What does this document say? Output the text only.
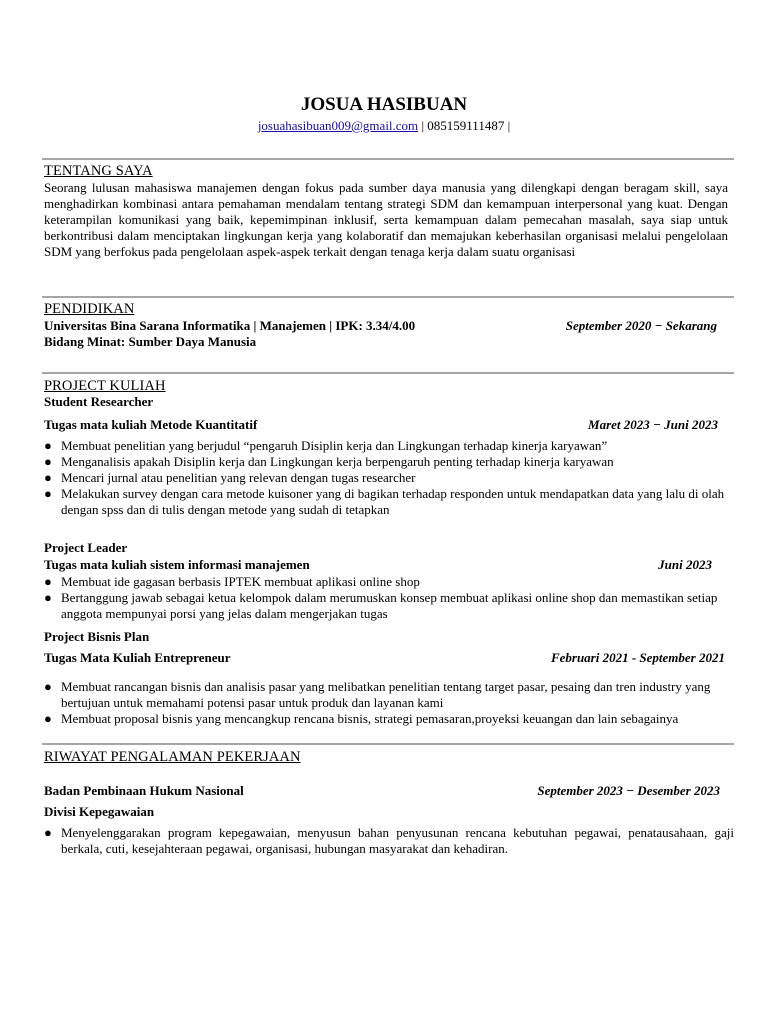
JOSUA HASIBUAN
josuahasibuan009@gmail.com | 085159111487 |
TENTANG SAYA
Seorang lulusan mahasiswa manajemen dengan fokus pada sumber daya manusia yang dilengkapi dengan beragam skill, saya menghadirkan kombinasi antara pemahaman mendalam tentang strategi SDM dan kemampuan interpersonal yang kuat. Dengan keterampilan komunikasi yang baik, kepemimpinan inklusif, serta kemampuan dalam pemecahan masalah, saya siap untuk berkontribusi dalam menciptakan lingkungan kerja yang kolaboratif dan memajukan keberhasilan organisasi melalui pengelolaan SDM yang berfokus pada pengelolaan aspek-aspek terkait dengan tenaga kerja dalam suatu organisasi
PENDIDIKAN
Universitas Bina Sarana Informatika | Manajemen | IPK: 3.34/4.00	September 2020 − Sekarang
Bidang Minat: Sumber Daya Manusia
PROJECT KULIAH
Student Researcher
Tugas mata kuliah Metode Kuantitatif	Maret 2023 − Juni 2023
● Membuat penelitian yang berjudul “pengaruh Disiplin kerja dan Lingkungan terhadap kinerja karyawan”
● Menganalisis apakah Disiplin kerja dan Lingkungan kerja berpengaruh penting terhadap kinerja karyawan
● Mencari jurnal atau penelitian yang relevan dengan tugas researcher
● Melakukan survey dengan cara metode kuisoner yang di bagikan terhadap responden untuk mendapatkan data yang lalu di olah dengan spss dan di tulis dengan metode yang sudah di tetapkan
Project Leader
Tugas mata kuliah sistem informasi manajemen	Juni 2023
● Membuat ide gagasan berbasis IPTEK membuat aplikasi online shop
● Bertanggung jawab sebagai ketua kelompok dalam merumuskan konsep membuat aplikasi online shop dan memastikan setiap anggota mempunyai porsi yang jelas dalam mengerjakan tugas
Project Bisnis Plan
Tugas Mata Kuliah Entrepreneur	Februari 2021 - September 2021
● Membuat rancangan bisnis dan analisis pasar yang melibatkan penelitian tentang target pasar, pesaing dan tren industry yang bertujuan untuk memahami potensi pasar untuk produk dan layanan kami
● Membuat proposal bisnis yang mencangkup rencana bisnis, strategi pemasaran,proyeksi keuangan dan lain sebagainya
RIWAYAT PENGALAMAN PEKERJAAN
Badan Pembinaan Hukum Nasional	September 2023 − Desember 2023
Divisi Kepegawaian
● Menyelenggarakan program kepegawaian, menyusun bahan penyusunan rencana kebutuhan pegawai, penatausahaan, gaji berkala, cuti, kesejahteraan pegawai, organisasi, hubungan masyarakat dan kehadiran.
